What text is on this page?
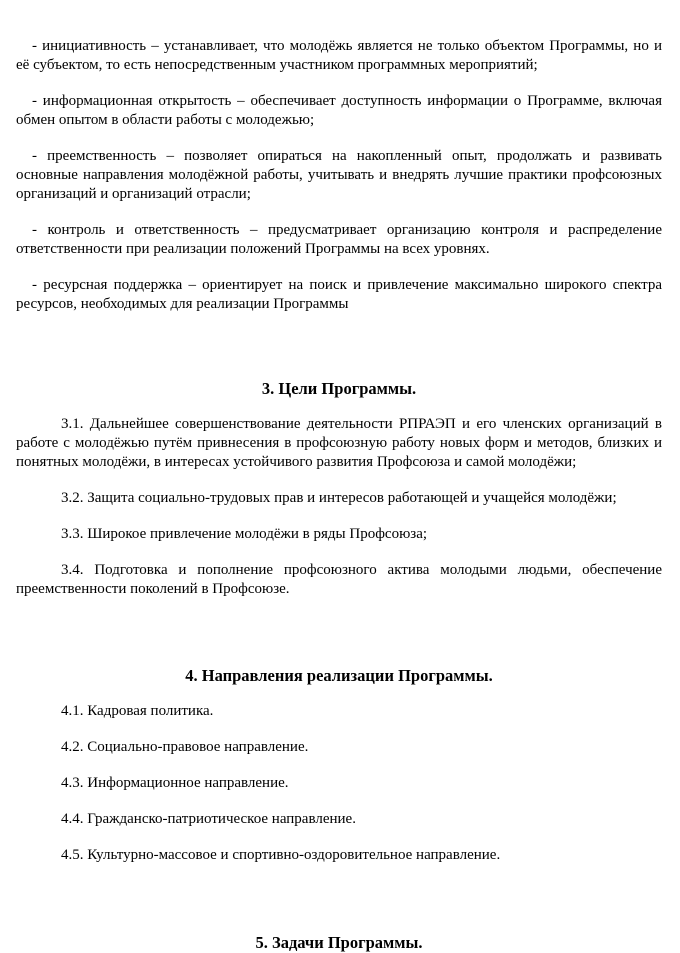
- инициативность – устанавливает, что молодёжь является не только объектом Программы, но и её субъектом, то есть непосредственным участником программных мероприятий;

- информационная открытость – обеспечивает доступность информации о Программе, включая обмен опытом в области работы с молодежью;

- преемственность – позволяет опираться на накопленный опыт, продолжать и развивать основные направления молодёжной работы, учитывать и внедрять лучшие практики профсоюзных организаций и организаций отрасли;

- контроль и ответственность – предусматривает организацию контроля и распределение ответственности при реализации положений Программы на всех уровнях.

- ресурсная поддержка – ориентирует на поиск и привлечение максимально широкого спектра ресурсов, необходимых для реализации Программы

3. Цели Программы.

3.1. Дальнейшее совершенствование деятельности РПРАЭП и его членских организаций в работе с молодёжью путём привнесения в профсоюзную работу новых форм и методов, близких и понятных молодёжи, в интересах устойчивого развития Профсоюза и самой молодёжи;

3.2. Защита социально-трудовых прав и интересов работающей и учащейся молодёжи;

3.3. Широкое привлечение молодёжи в ряды Профсоюза;

3.4. Подготовка и пополнение профсоюзного актива молодыми людьми, обеспечение преемственности поколений в Профсоюзе.

4. Направления реализации Программы.

4.1. Кадровая политика.

4.2. Социально-правовое направление.

4.3. Информационное направление.

4.4. Гражданско-патриотическое направление.

4.5. Культурно-массовое и спортивно-оздоровительное направление.

5. Задачи Программы.
